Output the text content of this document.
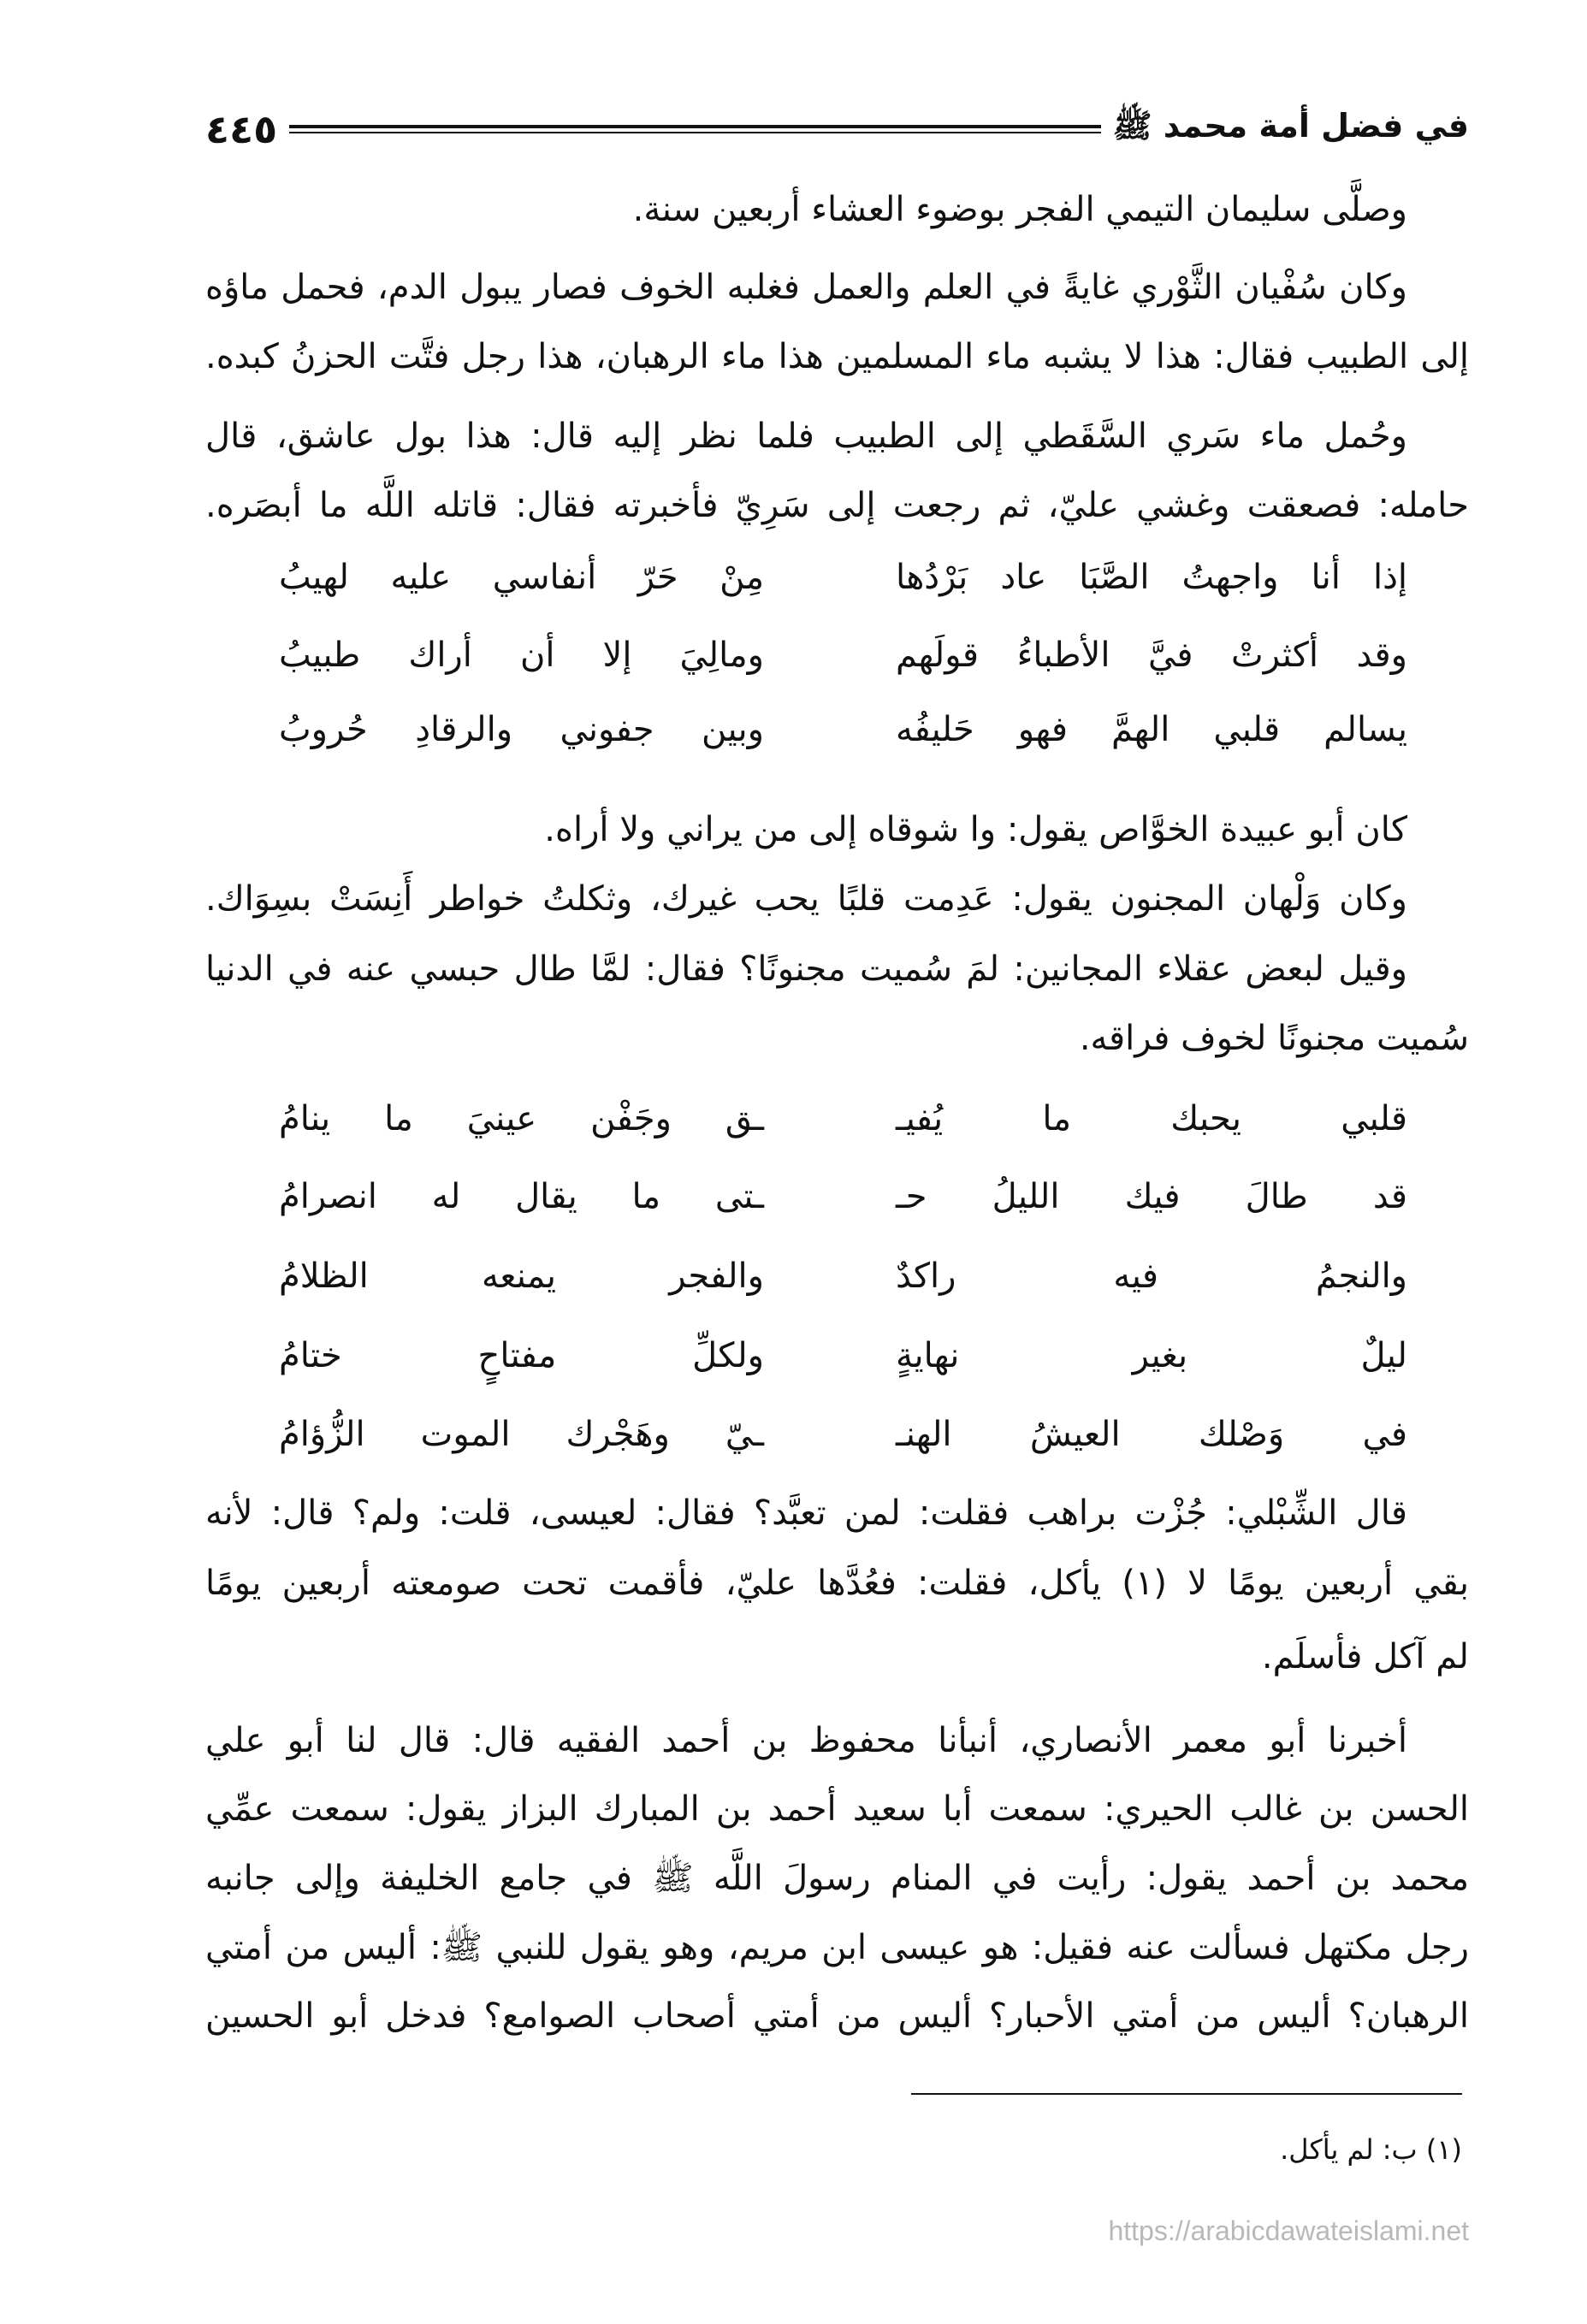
في فضل أمة محمد ﷺ
٤٤٥
وصلَّى سليمان التيمي الفجر بوضوء العشاء أربعين سنة.
وكان سُفْيان الثَّوْري غايةً في العلم والعمل فغلبه الخوف فصار يبول الدم، فحمل ماؤه
إلى الطبيب فقال: هذا لا يشبه ماء المسلمين هذا ماء الرهبان، هذا رجل فتَّت الحزنُ كبده.
وحُمل ماء سَري السَّقَطي إلى الطبيب فلما نظر إليه قال: هذا بول عاشق، قال
حامله: فصعقت وغشي عليّ، ثم رجعت إلى سَرِيّ فأخبرته فقال: قاتله اللَّه ما أبصَره.
إذا أنا واجهتُ الصَّبَا عاد بَرْدُها
مِنْ حَرّ أنفاسي عليه لهيبُ
وقد أكثرتْ فيَّ الأطباءُ قولَهم
ومالِيَ إلا أن أراك طبيبُ
يسالم قلبي الهمَّ فهو حَليفُه
وبين جفوني والرقادِ حُروبُ
كان أبو عبيدة الخوَّاص يقول: وا شوقاه إلى من يراني ولا أراه.
وكان وَلْهان المجنون يقول: عَدِمت قلبًا يحب غيرك، وثكلتُ خواطر أَنِسَتْ بسِوَاك.
وقيل لبعض عقلاء المجانين: لمَ سُميت مجنونًا؟ فقال: لمَّا طال حبسي عنه في الدنيا
سُميت مجنونًا لخوف فراقه.
قلبي يحبك ما يُفيـ
ـق وجَفْن عينيَ ما ينامُ
قد طالَ فيك الليلُ حـ
ـتى ما يقال له انصرامُ
والنجمُ فيه راكدٌ
والفجر يمنعه الظلامُ
ليلٌ بغير نهايةٍ
ولكلِّ مفتاحٍ ختامُ
في وَصْلك العيشُ الهنـ
ـيّ وهَجْرك الموت الزُّؤامُ
قال الشِّبْلي: جُزْت براهب فقلت: لمن تعبَّد؟ فقال: لعيسى، قلت: ولم؟ قال: لأنه
بقي أربعين يومًا لا (١) يأكل، فقلت: فعُدَّها عليّ، فأقمت تحت صومعته أربعين يومًا
لم آكل فأسلَم.
أخبرنا أبو معمر الأنصاري، أنبأنا محفوظ بن أحمد الفقيه قال: قال لنا أبو علي
الحسن بن غالب الحيري: سمعت أبا سعيد أحمد بن المبارك البزاز يقول: سمعت عمِّي
محمد بن أحمد يقول: رأيت في المنام رسولَ اللَّه ﷺ في جامع الخليفة وإلى جانبه
رجل مكتهل فسألت عنه فقيل: هو عيسى ابن مريم، وهو يقول للنبي ﷺ: أليس من أمتي
الرهبان؟ أليس من أمتي الأحبار؟ أليس من أمتي أصحاب الصوامع؟ فدخل أبو الحسين
(١) ب: لم يأكل.
https://arabicdawateislami.net
